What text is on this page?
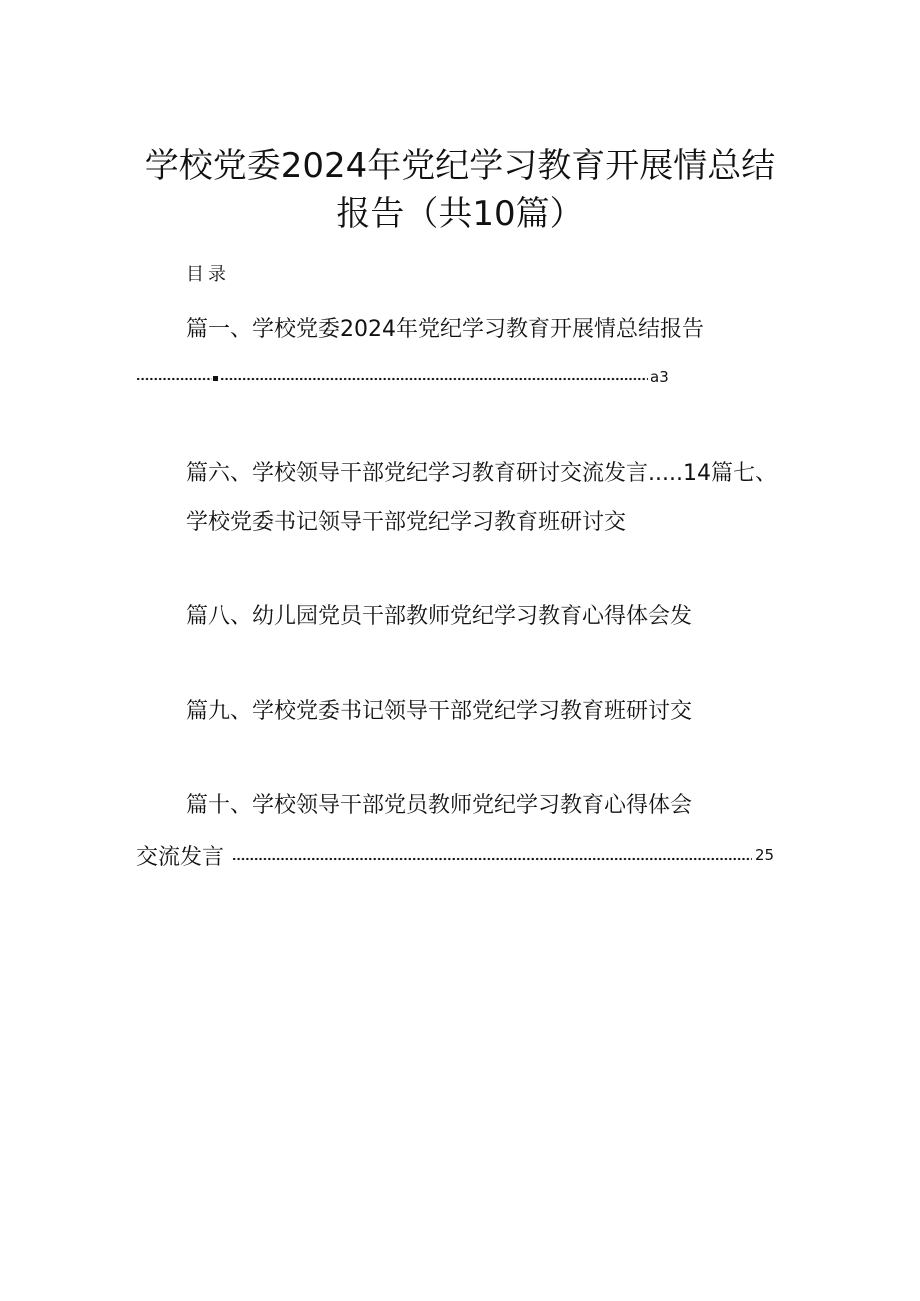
学校党委2024年党纪学习教育开展情总结
报告（共10篇）
目录
篇一、学校党委2024年党纪学习教育开展情总结报告
a3
篇六、学校领导干部党纪学习教育研讨交流发言.....14篇七、
学校党委书记领导干部党纪学习教育班研讨交
篇八、幼儿园党员干部教师党纪学习教育心得体会发
篇九、学校党委书记领导干部党纪学习教育班研讨交
篇十、学校领导干部党员教师党纪学习教育心得体会
交流发言	25
